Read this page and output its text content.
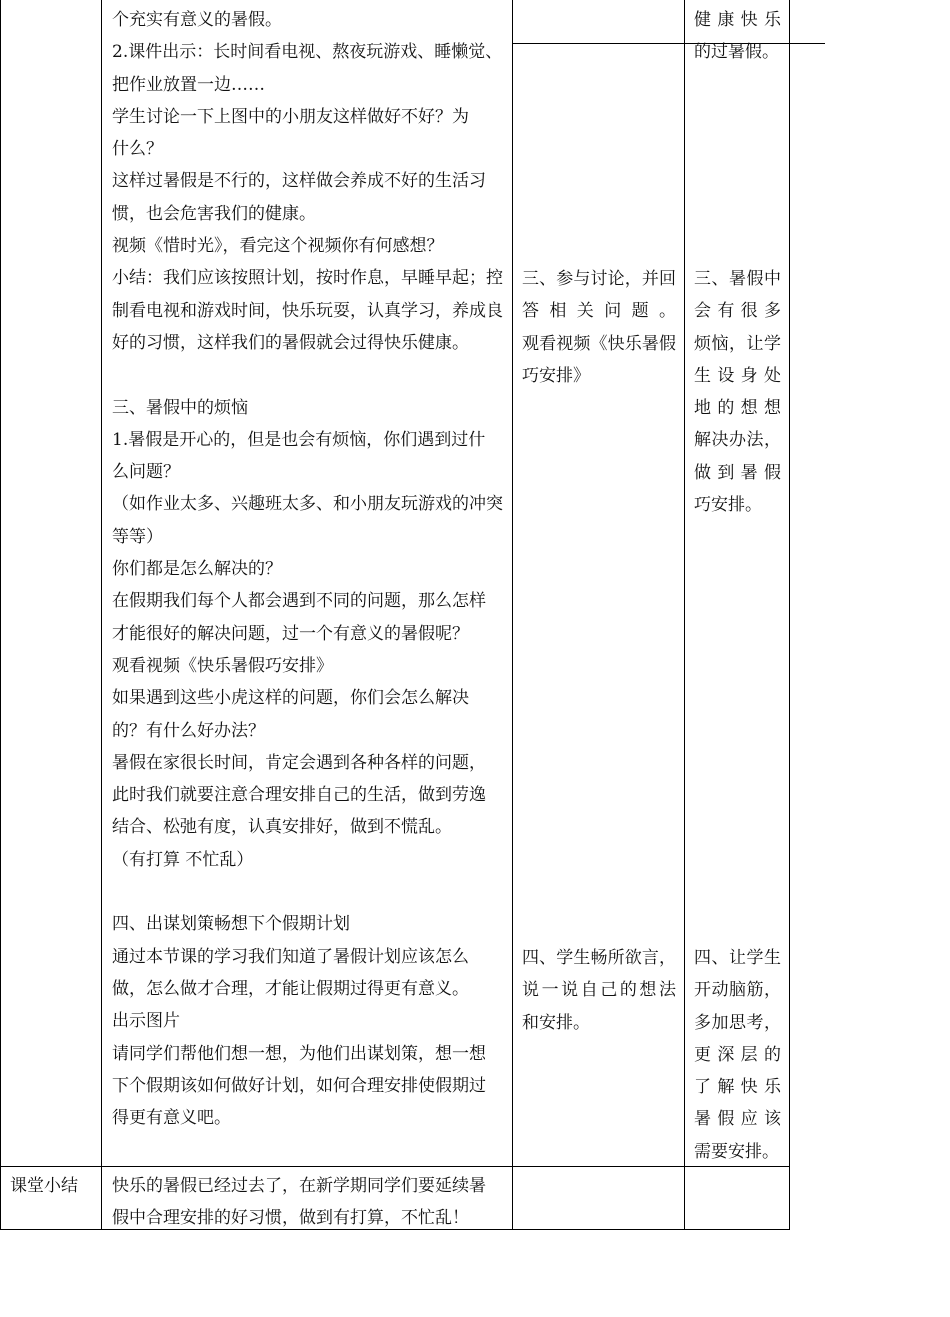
个充实有意义的暑假。

2.课件出示：长时间看电视、熬夜玩游戏、睡懒觉、

把作业放置一边……

学生讨论一下上图中的小朋友这样做好不好？为

什么？

这样过暑假是不行的，这样做会养成不好的生活习

惯，也会危害我们的健康。

视频《惜时光》，看完这个视频你有何感想？

小结：我们应该按照计划，按时作息，早睡早起；控

制看电视和游戏时间，快乐玩耍，认真学习，养成良

好的习惯，这样我们的暑假就会过得快乐健康。

三、暑假中的烦恼

1.暑假是开心的，但是也会有烦恼，你们遇到过什

么问题？

（如作业太多、兴趣班太多、和小朋友玩游戏的冲突

等等）

你们都是怎么解决的？

在假期我们每个人都会遇到不同的问题，那么怎样

才能很好的解决问题，过一个有意义的暑假呢？

观看视频《快乐暑假巧安排》

如果遇到这些小虎这样的问题，你们会怎么解决

的？有什么好办法？

暑假在家很长时间，肯定会遇到各种各样的问题，

此时我们就要注意合理安排自己的生活，做到劳逸

结合、松弛有度，认真安排好，做到不慌乱。

（有打算 不忙乱）

四、出谋划策畅想下个假期计划

通过本节课的学习我们知道了暑假计划应该怎么

做，怎么做才合理，才能让假期过得更有意义。

出示图片

请同学们帮他们想一想，为他们出谋划策，想一想

下个假期该如何做好计划，如何合理安排使假期过

得更有意义吧。

三、参与讨论，并回

答相关问题。

观看视频《快乐暑假

巧安排》

四、学生畅所欲言，

说一说自己的想法

和安排。

健康快乐

的过暑假。

三、暑假中

会有很多

烦恼，让学

生设身处

地的想想

解决办法，

做到暑假

巧安排。

四、让学生

开动脑筋，

多加思考，

更深层的

了解快乐

暑假应该

需要安排。

课堂小结	快乐的暑假已经过去了，在新学期同学们要延续暑

假中合理安排的好习惯，做到有打算，不忙乱！
